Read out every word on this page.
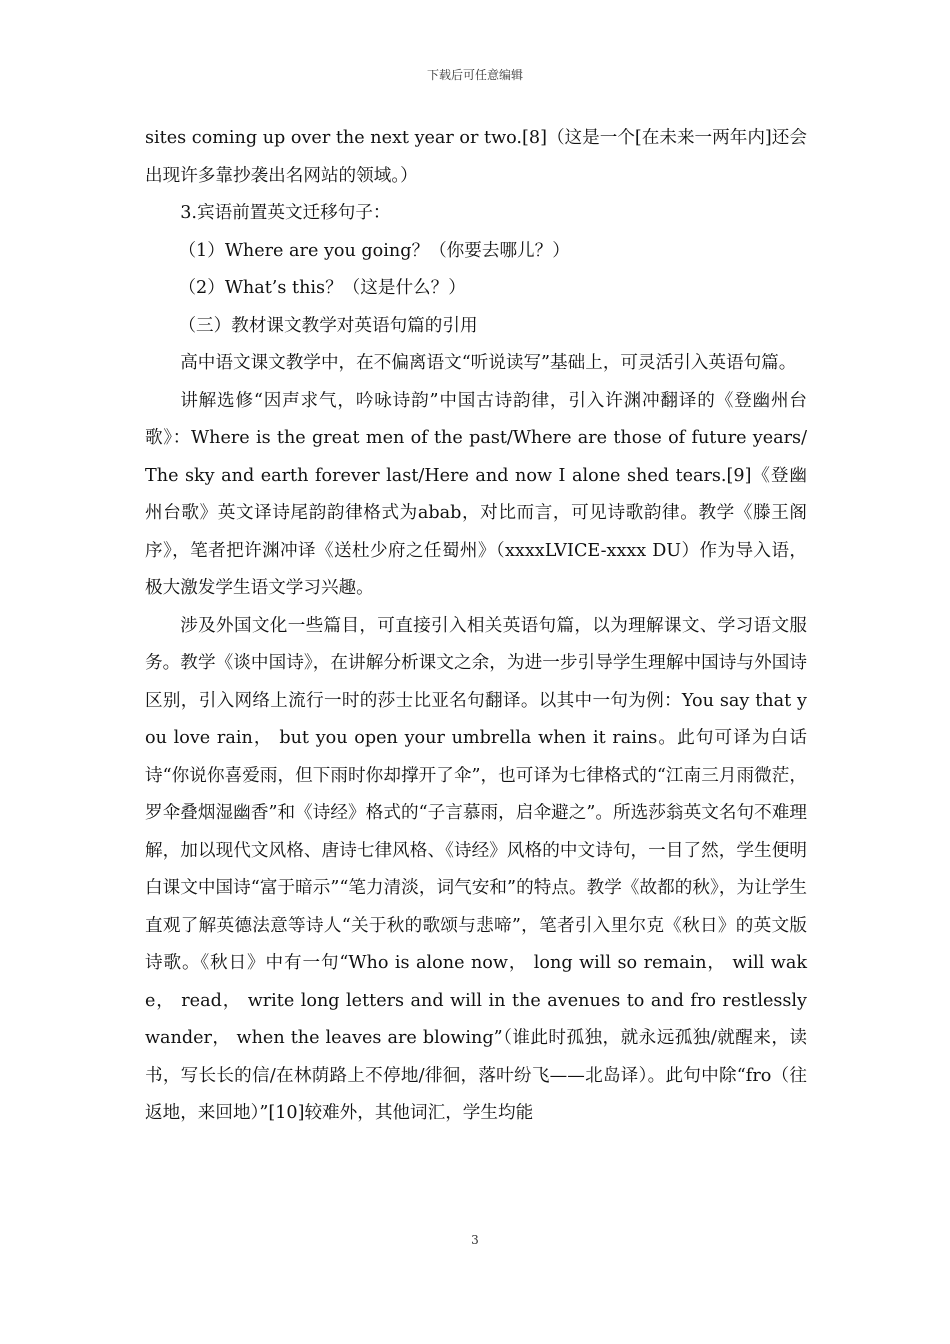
下载后可任意编辑

sites coming up over the next year or two.[8]（这是一个[在未来一两年内]还会出现许多靠抄袭出名网站的领域。）

3.宾语前置英文迁移句子：

（1）Where are you going？（你要去哪儿？）

（2）What’s this？（这是什么？）

（三）教材课文教学对英语句篇的引用

高中语文课文教学中，在不偏离语文“听说读写”基础上，可灵活引入英语句篇。

讲解选修“因声求气，吟咏诗韵”中国古诗韵律，引入许渊冲翻译的《登幽州台歌》：Where is the great men of the past/Where are those of future years/The sky and earth forever last/Here and now I alone shed tears.[9]《登幽州台歌》英文译诗尾韵韵律格式为abab，对比而言，可见诗歌韵律。教学《滕王阁序》，笔者把许渊冲译《送杜少府之任蜀州》（xxxxLVICE-xxxx DU）作为导入语，极大激发学生语文学习兴趣。

涉及外国文化一些篇目，可直接引入相关英语句篇，以为理解课文、学习语文服务。教学《谈中国诗》，在讲解分析课文之余，为进一步引导学生理解中国诗与外国诗区别，引入网络上流行一时的莎士比亚名句翻译。以其中一句为例：You say that you love rain， but you open your umbrella when it rains。此句可译为白话诗“你说你喜爱雨，但下雨时你却撑开了伞”，也可译为七律格式的“江南三月雨微茫，罗伞叠烟湿幽香”和《诗经》格式的“子言慕雨，启伞避之”。所选莎翁英文名句不难理解，加以现代文风格、唐诗七律风格、《诗经》风格的中文诗句，一目了然，学生便明白课文中国诗“富于暗示”“笔力清淡，词气安和”的特点。教学《故都的秋》，为让学生直观了解英德法意等诗人“关于秋的歌颂与悲啼”，笔者引入里尔克《秋日》的英文版诗歌。《秋日》中有一句“Who is alone now， long will so remain， will wake， read， write long letters and will in the avenues to and fro restlessly wander， when the leaves are blowing”（谁此时孤独，就永远孤独/就醒来，读书，写长长的信/在林荫路上不停地/徘徊，落叶纷飞——北岛译）。此句中除“fro（往返地，来回地）”[10]较难外，其他词汇，学生均能

3
